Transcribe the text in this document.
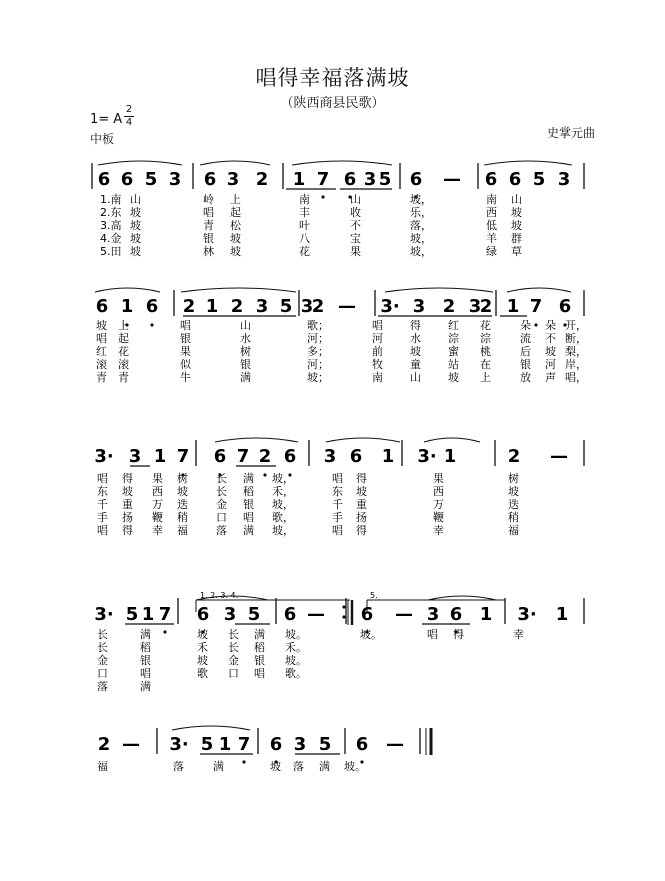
唱得幸福落满坡
（陕西商县民歌）
1= A
2
4
中板	史掌元曲
6 6 5 3 6 3 2 1 7 6 3 5 6 — 6 6 5 3
1.南 山	岭 上	南	山	坡，	南 山
2.东 坡	唱 起	丰	收	乐，	西 坡
3.高 坡	青 松	叶	不	落，	低 坡
4.金 坡	银 坡	八	宝	坡，	羊 群
5.田 坡	林 坡	花	果	坡，	绿 草
6 1 6 2 1 2 3 5 3
2 — 3· 3 2 3
2 1 7 6
坡 上	唱	山	歌；	唱 得 红 花	朵 朵 开，
唱 起	银	水	河；	河 水 淙 淙	流 不 断，
红 花	果	树	多；	前 坡 蜜 桃	后 坡 梨，
滚 滚	似	银	河；	牧 童 站 在	银 河 岸，
青 青	牛	满	坡；	南 山 坡 上	放 声 唱，
3· 3 1 7 6 7 2 6 3 6 1 3· 1	2 —
唱 得 果 树	长 满 坡，	唱 得	果	树
东 坡 西 坡	长 稻 禾，	东 坡	西	坡
千 重 万 迭	金 银 坡，	千 重	万	迭
手 扬 鞭 稍	口 唱 歌，	手 扬	鞭	稍
唱 得 幸 福	落 满 坡，	唱 得	幸	福
3· 5 1 7 6 3 5 6 — 6 — 3 6 1 3· 1
长	满	坡 长 满 坡。	坡。	唱 得	幸
长	稻	禾 长 稻 禾。
金	银	坡 金 银 坡。
口	唱	歌 口 唱 歌。
落	满
2 — 3· 5 1 7 6 3 5 6 —
福	落	满	坡 落 满 坡。
1. 2. 3. 4.	5.
